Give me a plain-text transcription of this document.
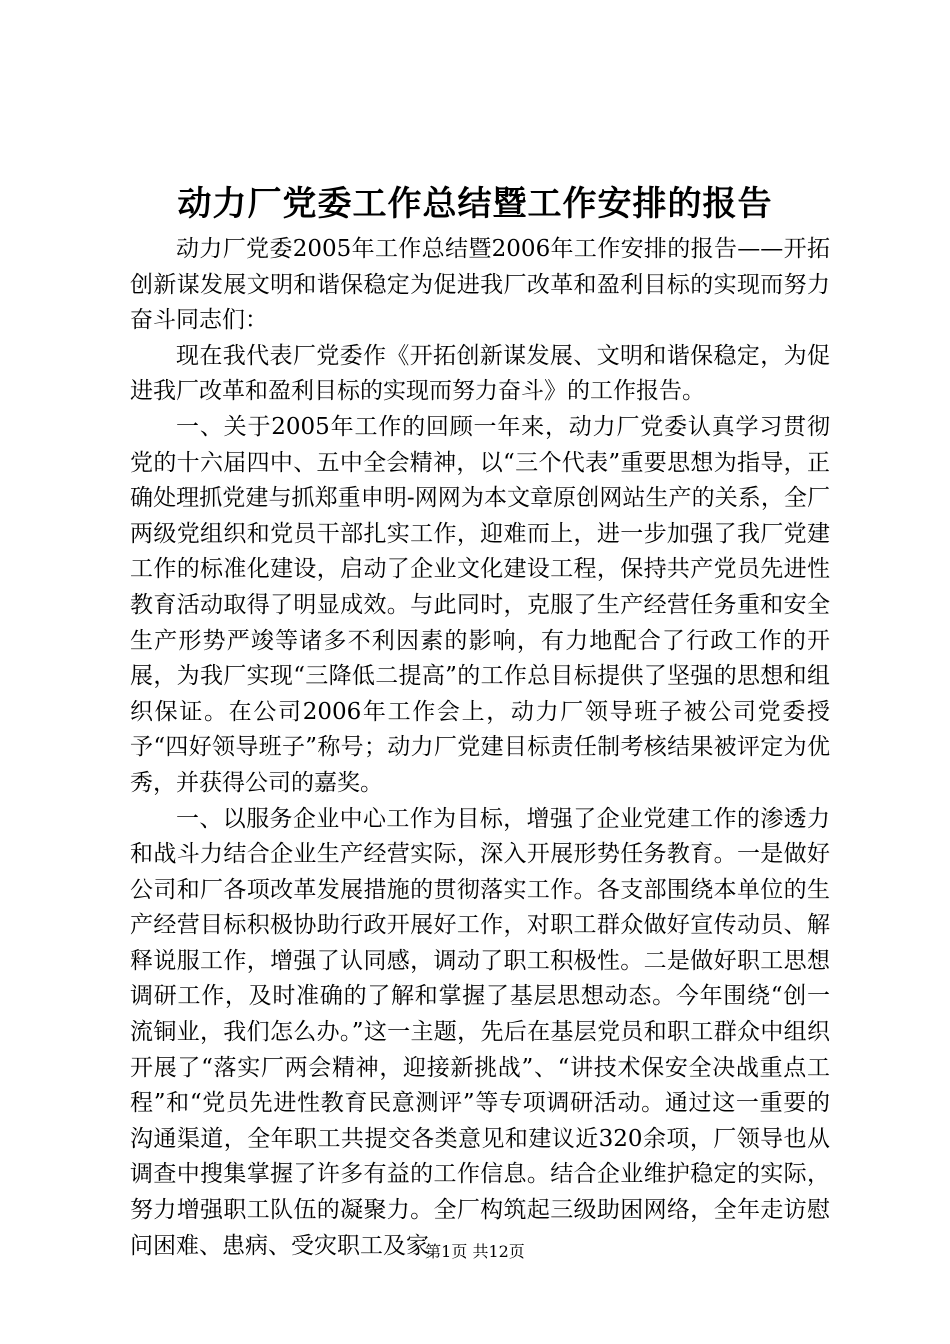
动力厂党委工作总结暨工作安排的报告

动力厂党委2005年工作总结暨2006年工作安排的报告——开拓创新谋发展文明和谐保稳定为促进我厂改革和盈利目标的实现而努力奋斗同志们：

现在我代表厂党委作《开拓创新谋发展、文明和谐保稳定，为促进我厂改革和盈利目标的实现而努力奋斗》的工作报告。

一、关于2005年工作的回顾一年来，动力厂党委认真学习贯彻党的十六届四中、五中全会精神，以“三个代表”重要思想为指导，正确处理抓党建与抓郑重申明-网网为本文章原创网站生产的关系，全厂两级党组织和党员干部扎实工作，迎难而上，进一步加强了我厂党建工作的标准化建设，启动了企业文化建设工程，保持共产党员先进性教育活动取得了明显成效。与此同时，克服了生产经营任务重和安全生产形势严竣等诸多不利因素的影响，有力地配合了行政工作的开展，为我厂实现“三降低二提高”的工作总目标提供了坚强的思想和组织保证。在公司2006年工作会上，动力厂领导班子被公司党委授予“四好领导班子”称号；动力厂党建目标责任制考核结果被评定为优秀，并获得公司的嘉奖。

一、以服务企业中心工作为目标，增强了企业党建工作的渗透力和战斗力结合企业生产经营实际，深入开展形势任务教育。一是做好公司和厂各项改革发展措施的贯彻落实工作。各支部围绕本单位的生产经营目标积极协助行政开展好工作，对职工群众做好宣传动员、解释说服工作，增强了认同感，调动了职工积极性。二是做好职工思想调研工作，及时准确的了解和掌握了基层思想动态。今年围绕“创一流铜业，我们怎么办。”这一主题，先后在基层党员和职工群众中组织开展了“落实厂两会精神，迎接新挑战”、“讲技术保安全决战重点工程”和“党员先进性教育民意测评”等专项调研活动。通过这一重要的沟通渠道，全年职工共提交各类意见和建议近320余项，厂领导也从调查中搜集掌握了许多有益的工作信息。结合企业维护稳定的实际，努力增强职工队伍的凝聚力。全厂构筑起三级助困网络，全年走访慰问困难、患病、受灾职工及家

第1页 共12页
